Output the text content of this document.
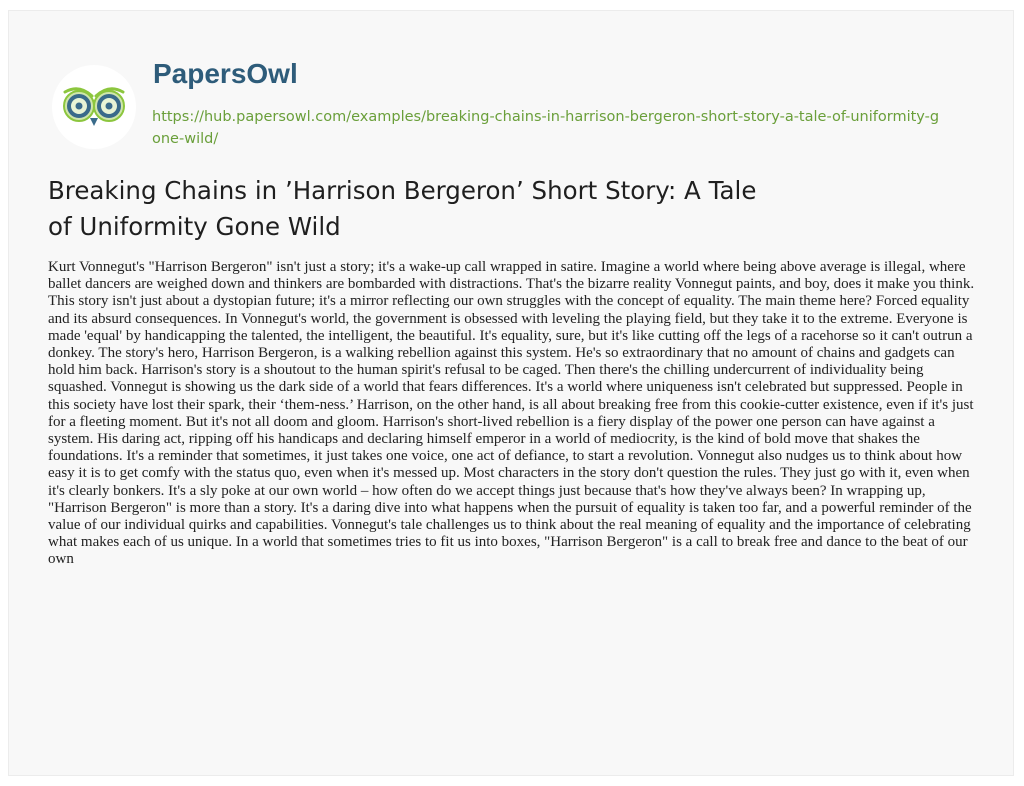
PapersOwl
https://hub.papersowl.com/examples/breaking-chains-in-harrison-bergeron-short-story-a-tale-of-uniformity-gone-wild/
Breaking Chains in ’Harrison Bergeron’ Short Story: A Tale of Uniformity Gone Wild

Kurt Vonnegut's "Harrison Bergeron" isn't just a story; it's a wake-up call wrapped in satire. Imagine a world where being above average is illegal, where ballet dancers are weighed down and thinkers are bombarded with distractions. That's the bizarre reality Vonnegut paints, and boy, does it make you think. This story isn't just about a dystopian future; it's a mirror reflecting our own struggles with the concept of equality. The main theme here? Forced equality and its absurd consequences. In Vonnegut's world, the government is obsessed with leveling the playing field, but they take it to the extreme. Everyone is made 'equal' by handicapping the talented, the intelligent, the beautiful. It's equality, sure, but it's like cutting off the legs of a racehorse so it can't outrun a donkey. The story's hero, Harrison Bergeron, is a walking rebellion against this system. He's so extraordinary that no amount of chains and gadgets can hold him back. Harrison's story is a shoutout to the human spirit's refusal to be caged. Then there's the chilling undercurrent of individuality being squashed. Vonnegut is showing us the dark side of a world that fears differences. It's a world where uniqueness isn't celebrated but suppressed. People in this society have lost their spark, their ‘them-ness.’ Harrison, on the other hand, is all about breaking free from this cookie-cutter existence, even if it's just for a fleeting moment. But it's not all doom and gloom. Harrison's short-lived rebellion is a fiery display of the power one person can have against a system. His daring act, ripping off his handicaps and declaring himself emperor in a world of mediocrity, is the kind of bold move that shakes the foundations. It's a reminder that sometimes, it just takes one voice, one act of defiance, to start a revolution. Vonnegut also nudges us to think about how easy it is to get comfy with the status quo, even when it's messed up. Most characters in the story don't question the rules. They just go with it, even when it's clearly bonkers. It's a sly poke at our own world – how often do we accept things just because that's how they've always been? In wrapping up, "Harrison Bergeron" is more than a story. It's a daring dive into what happens when the pursuit of equality is taken too far, and a powerful reminder of the value of our individual quirks and capabilities. Vonnegut's tale challenges us to think about the real meaning of equality and the importance of celebrating what makes each of us unique. In a world that sometimes tries to fit us into boxes, "Harrison Bergeron" is a call to break free and dance to the beat of our own
